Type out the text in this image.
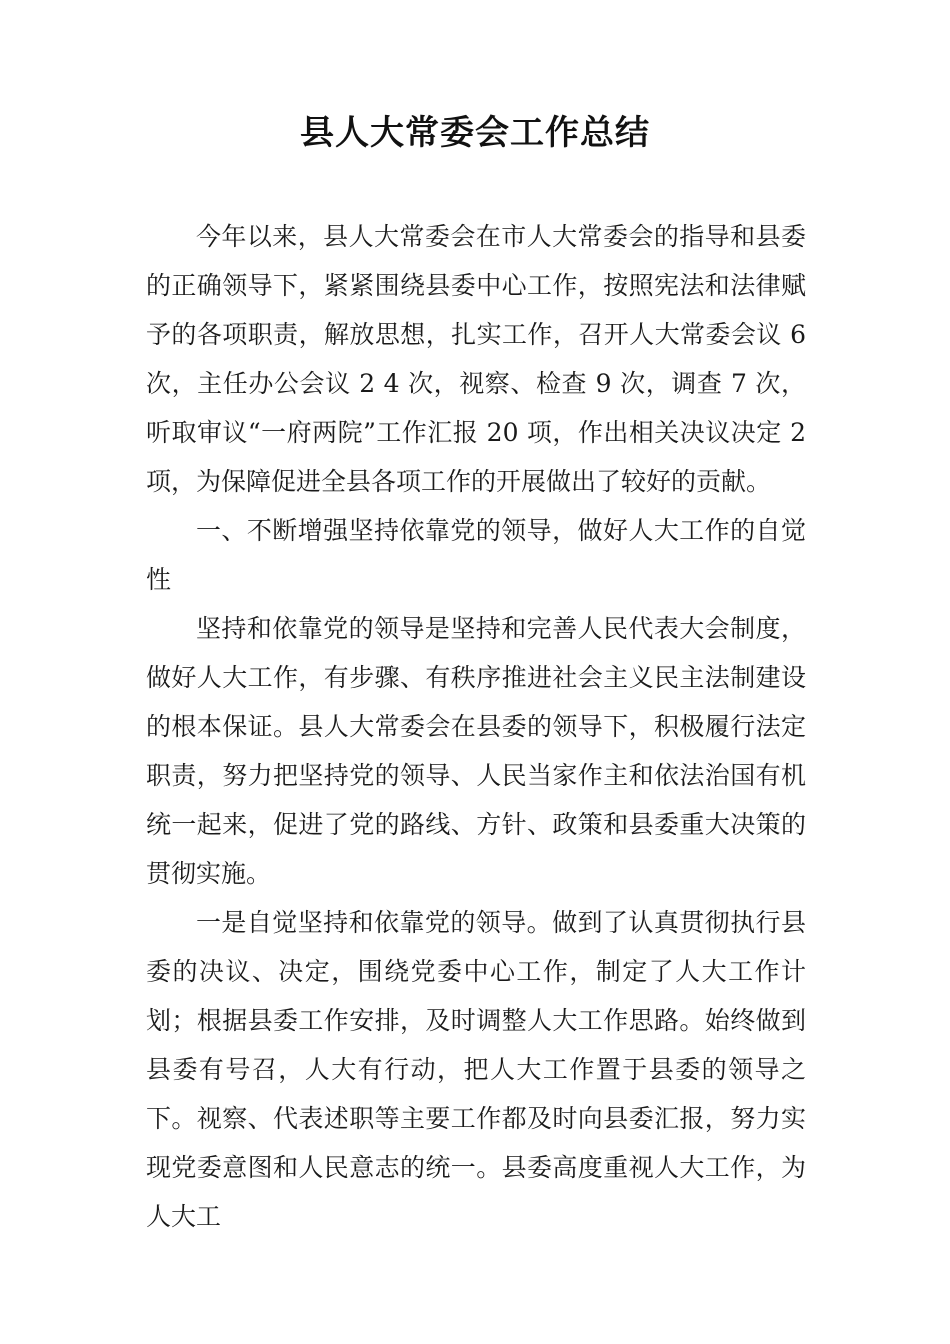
县人大常委会工作总结

今年以来，县人大常委会在市人大常委会的指导和县委的正确领导下，紧紧围绕县委中心工作，按照宪法和法律赋予的各项职责，解放思想，扎实工作，召开人大常委会议 6 次，主任办公会议 2 4 次，视察、检查 9 次，调查 7 次，听取审议“一府两院”工作汇报 20 项，作出相关决议决定 2 项，为保障促进全县各项工作的开展做出了较好的贡献。

一、不断增强坚持依靠党的领导，做好人大工作的自觉性

坚持和依靠党的领导是坚持和完善人民代表大会制度，做好人大工作，有步骤、有秩序推进社会主义民主法制建设的根本保证。县人大常委会在县委的领导下，积极履行法定职责，努力把坚持党的领导、人民当家作主和依法治国有机统一起来，促进了党的路线、方针、政策和县委重大决策的贯彻实施。

一是自觉坚持和依靠党的领导。做到了认真贯彻执行县委的决议、决定，围绕党委中心工作，制定了人大工作计划；根据县委工作安排，及时调整人大工作思路。始终做到县委有号召，人大有行动，把人大工作置于县委的领导之下。视察、代表述职等主要工作都及时向县委汇报，努力实现党委意图和人民意志的统一。县委高度重视人大工作，为人大工
